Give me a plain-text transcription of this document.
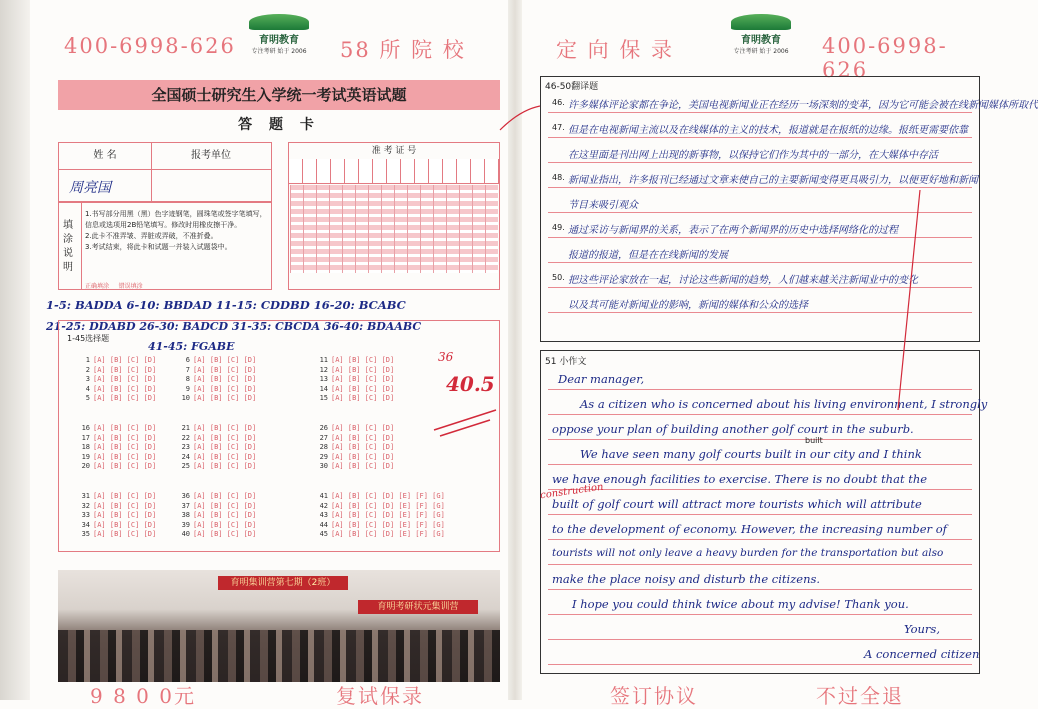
400-6998-626	育明教育
专注考研 始于 2006 58 所 院 校	定 向 保 录	育明教育
专注考研 始于 2006 400-6998-626
全国硕士研究生入学统一考试英语试题
答 题 卡
姓 名	报考单位
周亮国
填涂说明
1.书写部分用黑（黑）色字迹钢笔，圆珠笔或签字笔填写，信息或选项用2B铅笔填写。修改时用橡皮擦干净。
2.此卡不准弄皱、弄脏或弄破，不准折叠。
3.考试结束，将此卡和试题一并装入试题袋中。
正确填涂 错误填涂
准 考 证 号
1-5: BADDA 6-10: BBDAD 11-15: CDDBD 16-20: BCABC
21-25: DDABD 26-30: BADCD 31-35: CBCDA 36-40: BDAABC
41-45: FGABE
1-45选择题
1 [A] [B] [C] [D]
2 [A] [B] [C] [D]
3 [A] [B] [C] [D]
4 [A] [B] [C] [D]
5 [A] [B] [C] [D]
6 [A] [B] [C] [D]
7 [A] [B] [C] [D]
8 [A] [B] [C] [D]
9 [A] [B] [C] [D]
10 [A] [B] [C] [D]
11 [A] [B] [C] [D]
12 [A] [B] [C] [D]
13 [A] [B] [C] [D]
14 [A] [B] [C] [D]
15 [A] [B] [C] [D]
16 [A] [B] [C] [D]
17 [A] [B] [C] [D]
18 [A] [B] [C] [D]
19 [A] [B] [C] [D]
20 [A] [B] [C] [D]
21 [A] [B] [C] [D]
22 [A] [B] [C] [D]
23 [A] [B] [C] [D]
24 [A] [B] [C] [D]
25 [A] [B] [C] [D]
26 [A] [B] [C] [D]
27 [A] [B] [C] [D]
28 [A] [B] [C] [D]
29 [A] [B] [C] [D]
30 [A] [B] [C] [D]
31 [A] [B] [C] [D]
32 [A] [B] [C] [D]
33 [A] [B] [C] [D]
34 [A] [B] [C] [D]
35 [A] [B] [C] [D]
36 [A] [B] [C] [D]
37 [A] [B] [C] [D]
38 [A] [B] [C] [D]
39 [A] [B] [C] [D]
40 [A] [B] [C] [D]
41 [A] [B] [C] [D] [E] [F] [G]
42 [A] [B] [C] [D] [E] [F] [G]
43 [A] [B] [C] [D] [E] [F] [G]
44 [A] [B] [C] [D] [E] [F] [G]
45 [A] [B] [C] [D] [E] [F] [G]
36
40.5
育明集训营第七期（2班）
育明考研状元集训营
46-50翻译题
46. 许多媒体评论家都在争论，美国电视新闻业正在经历一场深刻的变革，因为它可能会被在线新闻媒体所取代
47. 但是在电视新闻主流以及在线媒体的主义的技术，报道就是在报纸的边缘。报纸更需要依靠
在这里面是刊出网上出现的新事物，以保持它们作为其中的一部分，在大媒体中存活
48. 新闻业指出，许多报刊已经通过文章来使自己的主要新闻变得更具吸引力，以便更好地和新闻
节目来吸引观众
49. 通过采访与新闻界的关系，表示了在两个新闻界的历史中选择网络化的过程
报道的报道，但是在在线新闻的发展
50. 把这些评论家放在一起，讨论这些新闻的趋势，人们越来越关注新闻业中的变化
以及其可能对新闻业的影响，新闻的媒体和公众的选择
51 小作文
Dear manager,
As a citizen who is concerned about his living environment, I strongly
oppose your plan of building another golf court in the suburb.
We have seen many golf courts built in our city and I think
we have enough facilities to exercise. There is no doubt that the
built of golf court will attract more tourists which will attribute
to the development of economy. However, the increasing number of
tourists will not only leave a heavy burden for the transportation but also
make the place noisy and disturb the citizens.
I hope you could think twice about my advise! Thank you.
Yours,
A concerned citizen
construction
built
9 8 0 0元	复试保录	签订协议	不过全退
